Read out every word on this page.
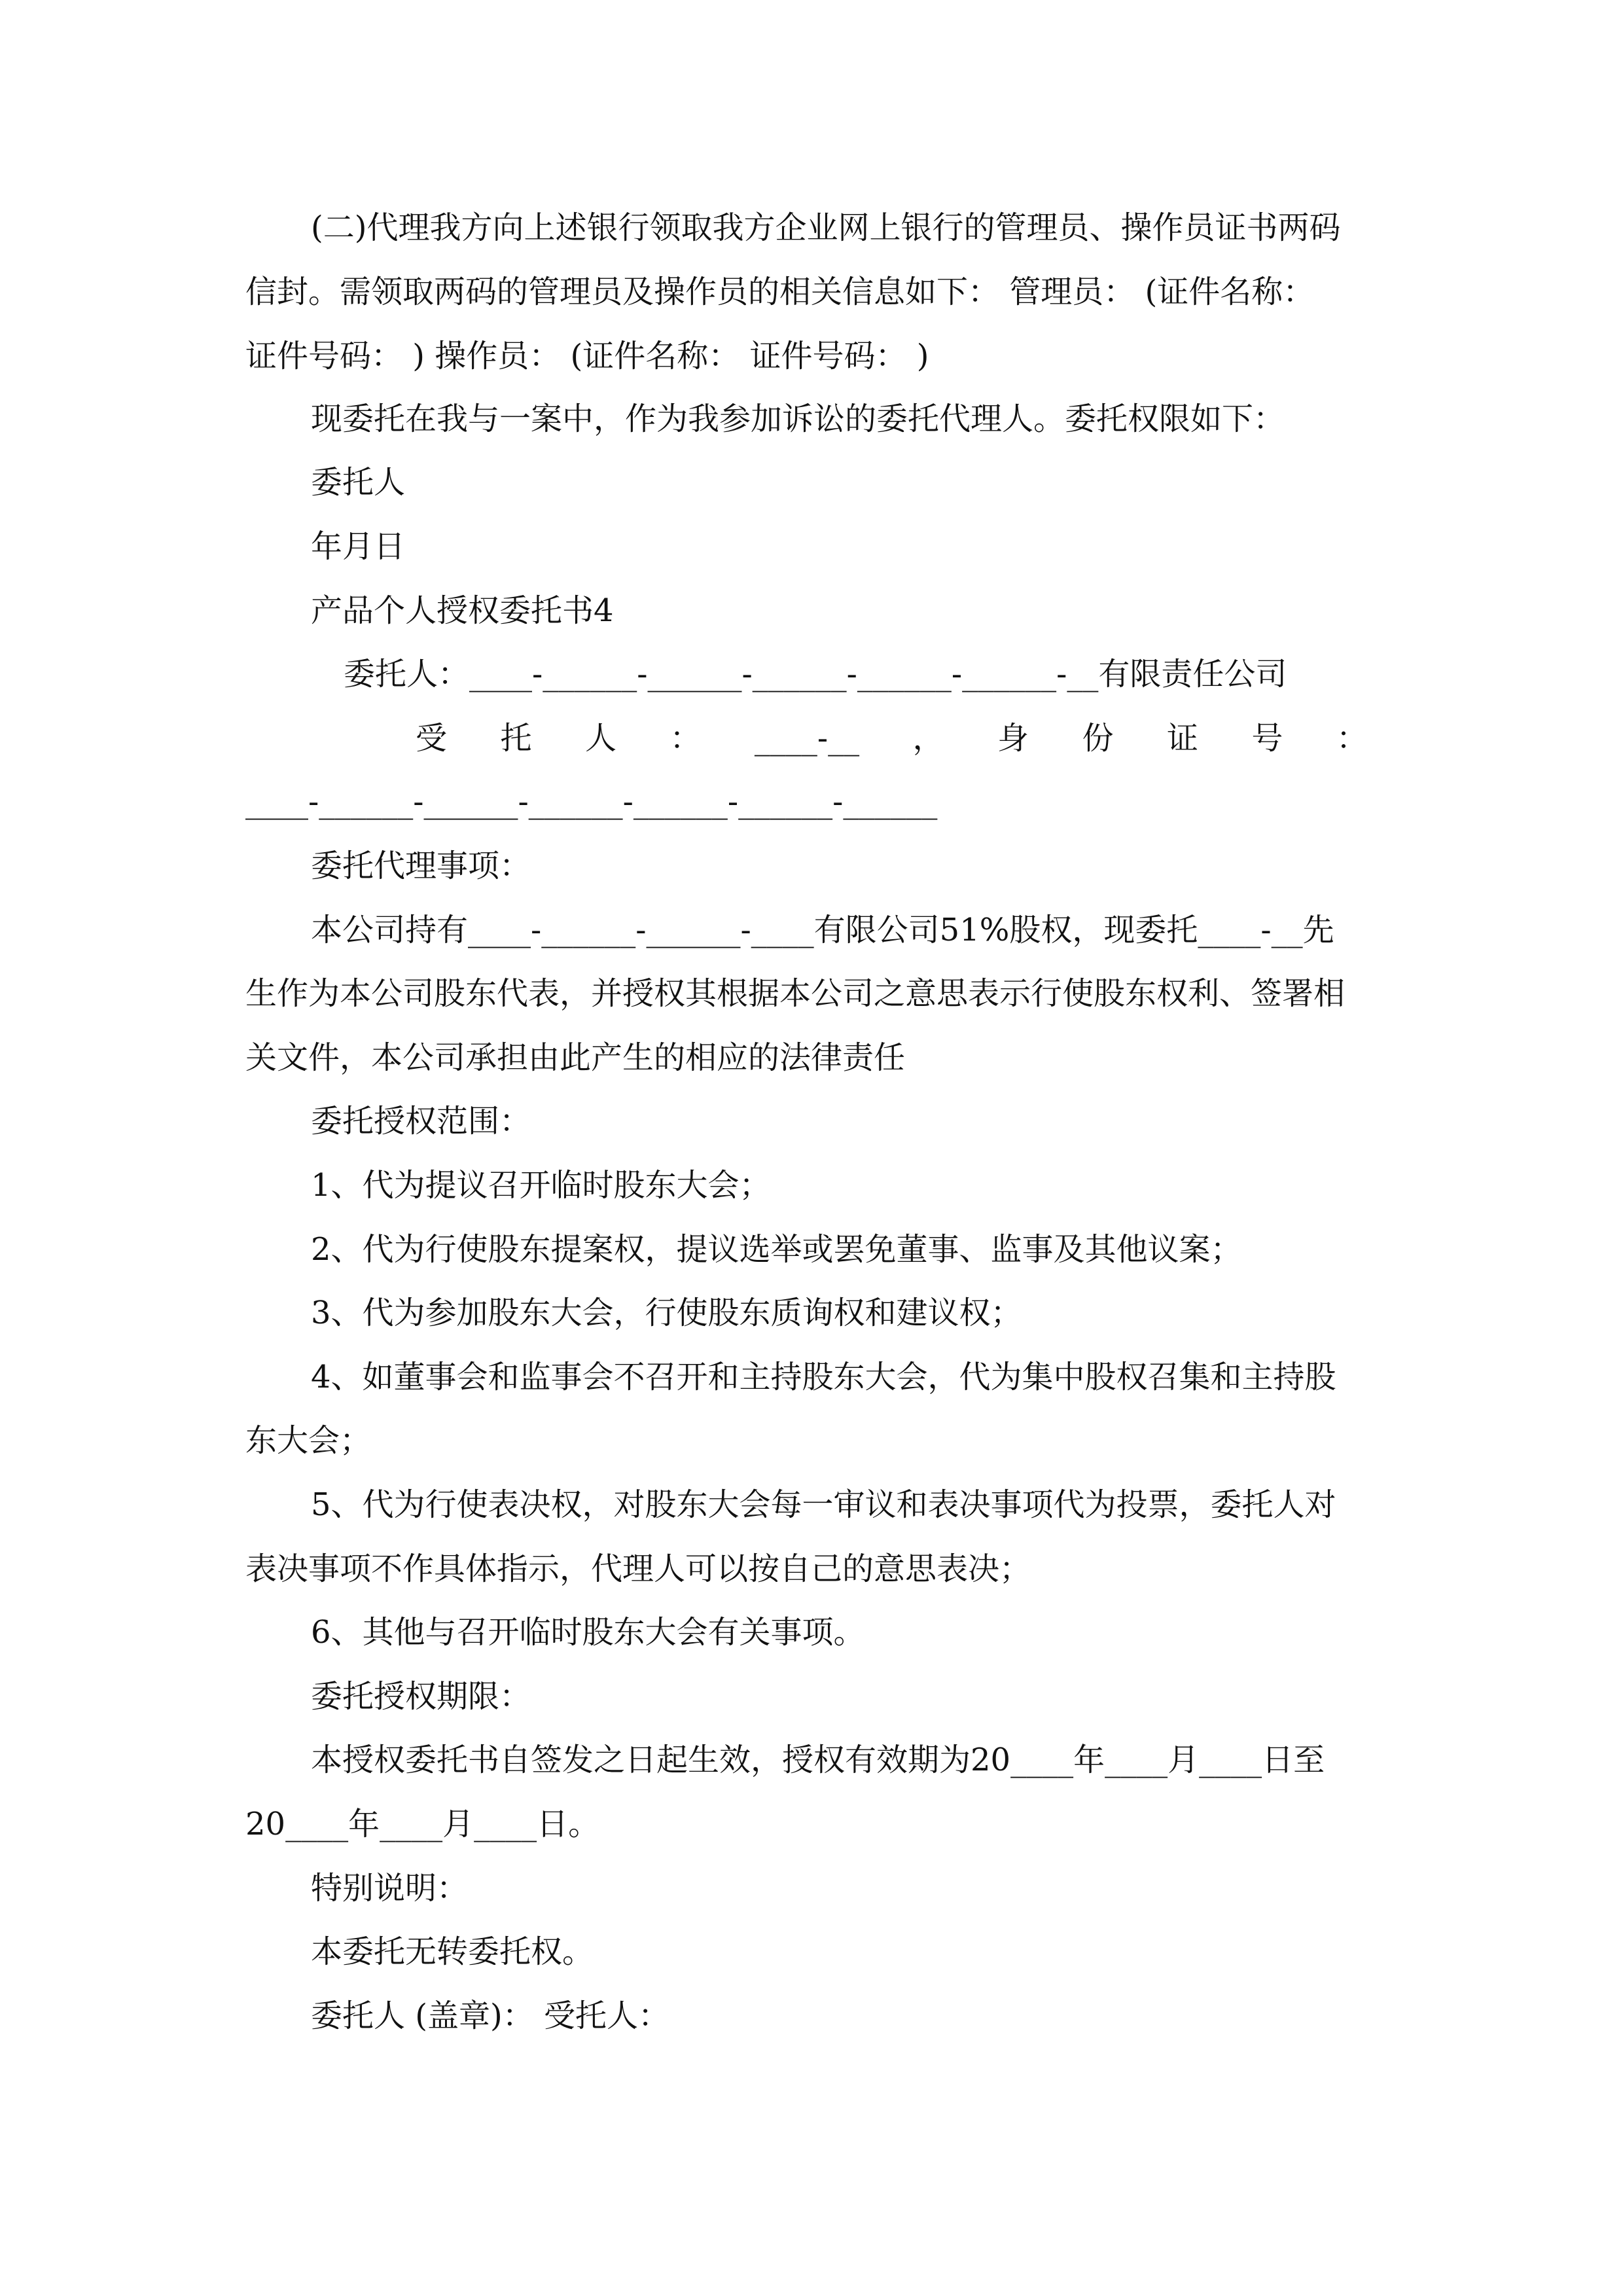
(二)代理我方向上述银行领取我方企业网上银行的管理员、操作员证书两码

信封。需领取两码的管理员及操作员的相关信息如下： 管理员： (证件名称：

证件号码： ) 操作员： (证件名称： 证件号码： )

现委托在我与一案中，作为我参加诉讼的委托代理人。委托权限如下：

委托人

年月日

产品个人授权委托书4

委托人：____-______-______-______-______-______-__有限责任公司

受 托 人 ： ____-__ ， 身 份 证 号 ：

____-______-______-______-______-______-______

委托代理事项：

本公司持有____-______-______-____有限公司51%股权，现委托____-__先

生作为本公司股东代表，并授权其根据本公司之意思表示行使股东权利、签署相

关文件，本公司承担由此产生的相应的法律责任

委托授权范围：

1、代为提议召开临时股东大会；

2、代为行使股东提案权，提议选举或罢免董事、监事及其他议案；

3、代为参加股东大会，行使股东质询权和建议权；

4、如董事会和监事会不召开和主持股东大会，代为集中股权召集和主持股

东大会；

5、代为行使表决权，对股东大会每一审议和表决事项代为投票，委托人对

表决事项不作具体指示，代理人可以按自己的意思表决；

6、其他与召开临时股东大会有关事项。

委托授权期限：

本授权委托书自签发之日起生效，授权有效期为20____年____月____日至

20____年____月____日。

特别说明：

本委托无转委托权。

委托人 (盖章)： 受托人：
